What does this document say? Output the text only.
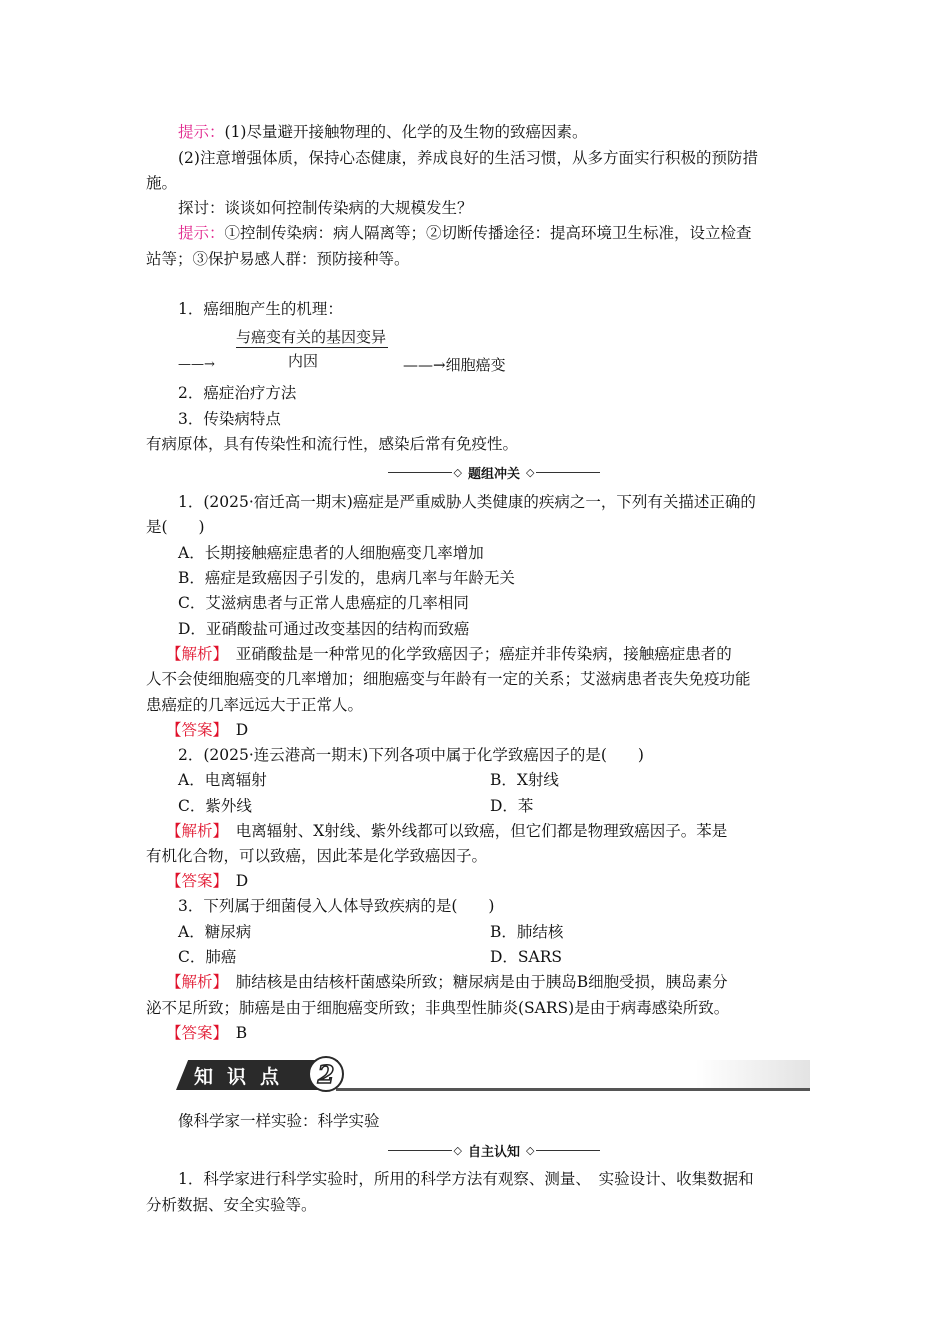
提示：(1)尽量避开接触物理的、化学的及生物的致癌因素。
(2)注意增强体质，保持心态健康，养成良好的生活习惯，从多方面实行积极的预防措
施。
探讨：谈谈如何控制传染病的大规模发生？
提示：①控制传染病：病人隔离等；②切断传播途径：提高环境卫生标准，设立检查
站等；③保护易感人群：预防接种等。
1．癌细胞产生的机理：
与癌变有关的基因变异
内因
——→	——→细胞癌变
2．癌症治疗方法
3．传染病特点
有病原体，具有传染性和流行性，感染后常有免疫性。
◇ 题组冲关 ◇
1．(2025·宿迁高一期末)癌症是严重威胁人类健康的疾病之一，下列有关描述正确的
是(　　)
A．长期接触癌症患者的人细胞癌变几率增加
B．癌症是致癌因子引发的，患病几率与年龄无关
C．艾滋病患者与正常人患癌症的几率相同
D．亚硝酸盐可通过改变基因的结构而致癌
【解析】　亚硝酸盐是一种常见的化学致癌因子；癌症并非传染病，接触癌症患者的
人不会使细胞癌变的几率增加；细胞癌变与年龄有一定的关系；艾滋病患者丧失免疫功能
患癌症的几率远远大于正常人。
【答案】　D
2．(2025·连云港高一期末)下列各项中属于化学致癌因子的是(　　)
A．电离辐射	B．X射线
C．紫外线	D．苯
【解析】　电离辐射、X射线、紫外线都可以致癌，但它们都是物理致癌因子。苯是
有机化合物，可以致癌，因此苯是化学致癌因子。
【答案】　D
3．下列属于细菌侵入人体导致疾病的是(　　)
A．糖尿病	B．肺结核
C．肺癌	D．SARS
【解析】　肺结核是由结核杆菌感染所致；糖尿病是由于胰岛B细胞受损，胰岛素分
泌不足所致；肺癌是由于细胞癌变所致；非典型性肺炎(SARS)是由于病毒感染所致。
【答案】　B
知识点	2
像科学家一样实验：科学实验
◇ 自主认知 ◇
1．科学家进行科学实验时，所用的科学方法有观察、测量、　实验设计、收集数据和
分析数据、安全实验等。
